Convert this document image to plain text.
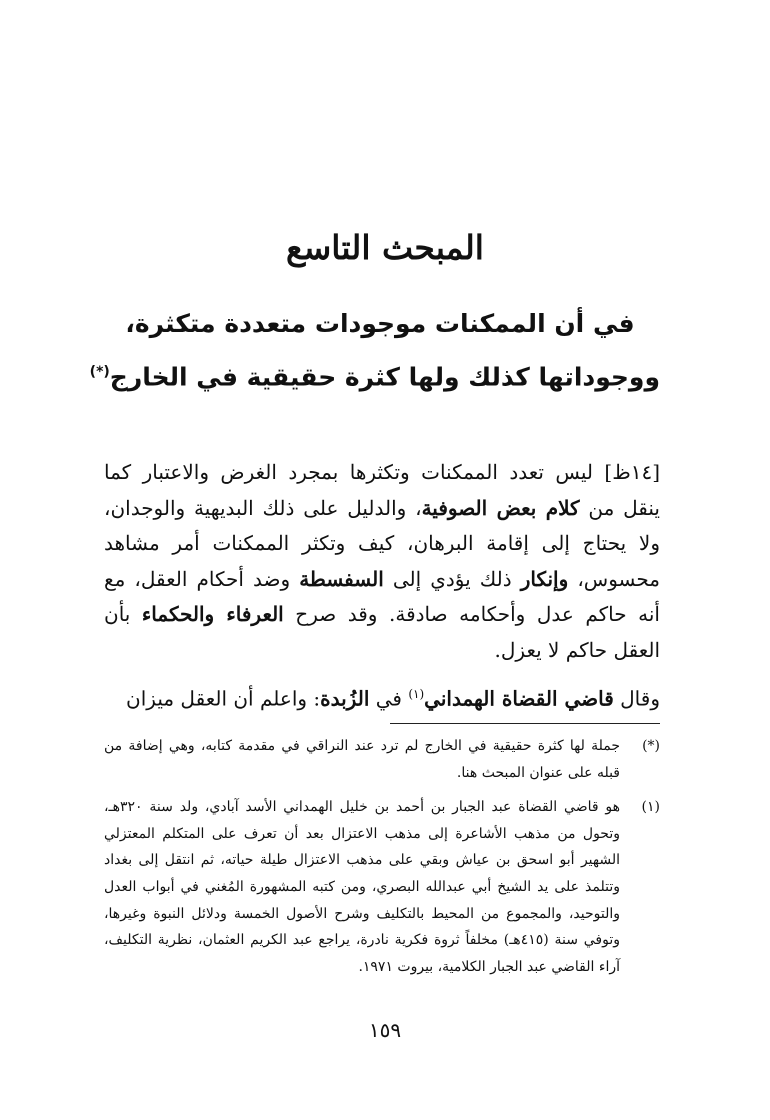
المبحث التاسع
في أن الممكنات موجودات متعددة متكثرة،
ووجوداتها كذلك ولها كثرة حقيقية في الخارج(*)

[١٤ظ] ليس تعدد الممكنات وتكثرها بمجرد الغرض والاعتبار كما ينقل من كلام بعض الصوفية، والدليل على ذلك البديهية والوجدان، ولا يحتاج إلى إقامة البرهان، كيف وتكثر الممكنات أمر مشاهد محسوس، وإنكار ذلك يؤدي إلى السفسطة وضد أحكام العقل، مع أنه حاكم عدل وأحكامه صادقة. وقد صرح العرفاء والحكماء بأن العقل حاكم لا يعزل.

وقال قاضي القضاة الهمداني$^{(١)}$ في الزُبدة: واعلم أن العقل ميزان

(*)
جملة لها كثرة حقيقية في الخارج لم ترد عند النراقي في مقدمة كتابه، وهي إضافة من قبله على عنوان المبحث هنا.
(١)
هو قاضي القضاة عبد الجبار بن أحمد بن خليل الهمداني الأسد آبادي، ولد سنة ٣٢٠هـ، وتحول من مذهب الأشاعرة إلى مذهب الاعتزال بعد أن تعرف على المتكلم المعتزلي الشهير أبو اسحق بن عياش وبقي على مذهب الاعتزال طيلة حياته، ثم انتقل إلى بغداد وتتلمذ على يد الشيخ أبي عبدالله البصري، ومن كتبه المشهورة المُغني في أبواب العدل والتوحيد، والمجموع من المحيط بالتكليف وشرح الأصول الخمسة ودلائل النبوة وغيرها، وتوفي سنة (٤١٥هـ) مخلفاً ثروة فكرية نادرة، يراجع عبد الكريم العثمان، نظرية التكليف، آراء القاضي عبد الجبار الكلامية، بيروت ١٩٧١.
١٥٩
